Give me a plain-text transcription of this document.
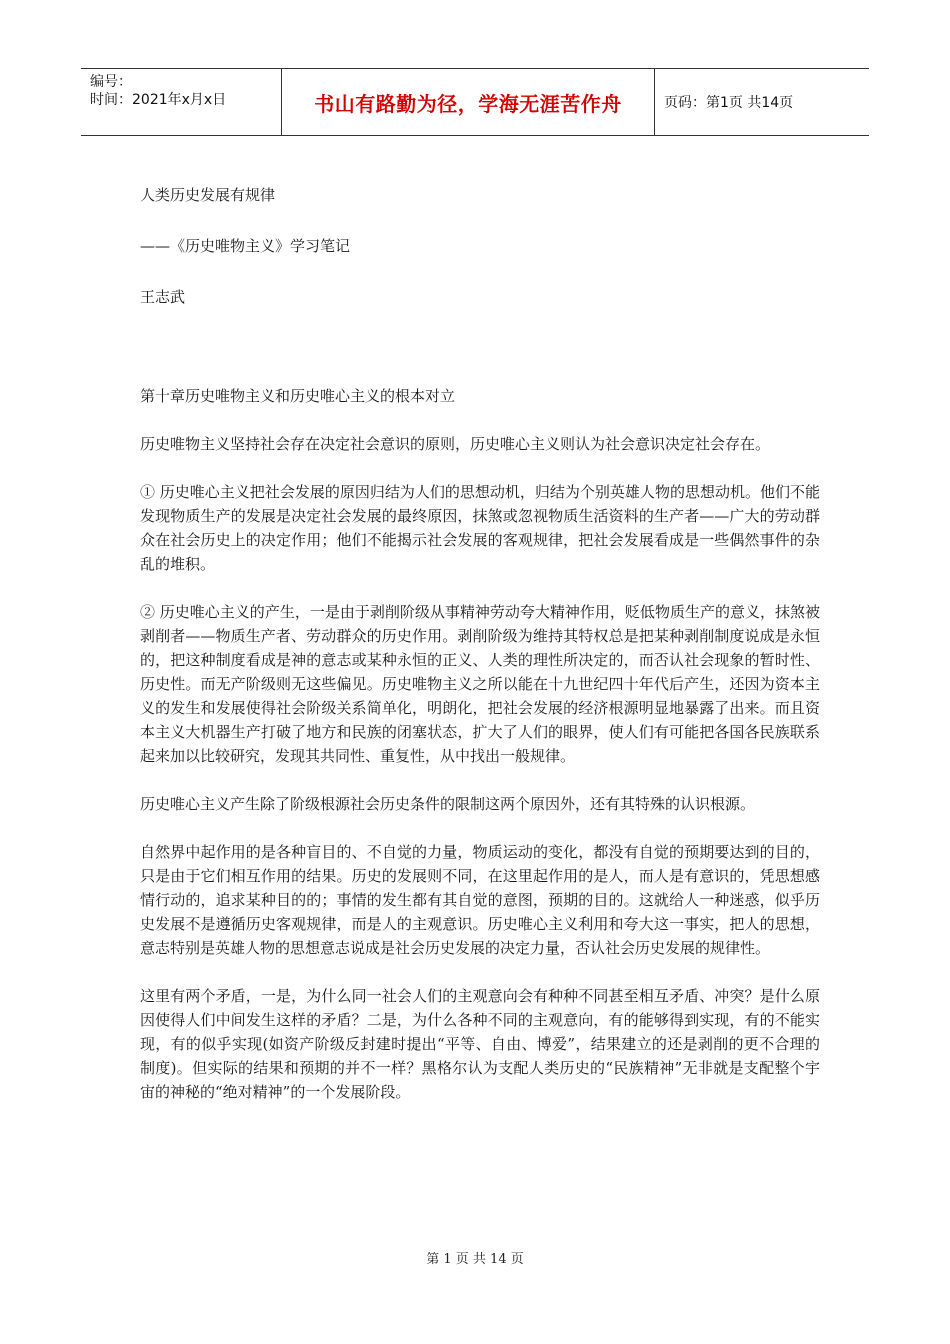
编号：
时间：2021年x月x日	书山有路勤为径，学海无涯苦作舟	页码：第1页 共14页

人类历史发展有规律

——《历史唯物主义》学习笔记

王志武

第十章历史唯物主义和历史唯心主义的根本对立

历史唯物主义坚持社会存在决定社会意识的原则，历史唯心主义则认为社会意识决定社会存在。

① 历史唯心主义把社会发展的原因归结为人们的思想动机，归结为个别英雄人物的思想动机。他们不能发现物质生产的发展是决定社会发展的最终原因，抹煞或忽视物质生活资料的生产者——广大的劳动群众在社会历史上的决定作用；他们不能揭示社会发展的客观规律，把社会发展看成是一些偶然事件的杂乱的堆积。

② 历史唯心主义的产生，一是由于剥削阶级从事精神劳动夸大精神作用，贬低物质生产的意义，抹煞被剥削者——物质生产者、劳动群众的历史作用。剥削阶级为维持其特权总是把某种剥削制度说成是永恒的，把这种制度看成是神的意志或某种永恒的正义、人类的理性所决定的，而否认社会现象的暂时性、历史性。而无产阶级则无这些偏见。历史唯物主义之所以能在十九世纪四十年代后产生，还因为资本主义的发生和发展使得社会阶级关系简单化，明朗化，把社会发展的经济根源明显地暴露了出来。而且资本主义大机器生产打破了地方和民族的闭塞状态，扩大了人们的眼界，使人们有可能把各国各民族联系起来加以比较研究，发现其共同性、重复性，从中找出一般规律。

历史唯心主义产生除了阶级根源社会历史条件的限制这两个原因外，还有其特殊的认识根源。

自然界中起作用的是各种盲目的、不自觉的力量，物质运动的变化，都没有自觉的预期要达到的目的，只是由于它们相互作用的结果。历史的发展则不同，在这里起作用的是人，而人是有意识的，凭思想感情行动的，追求某种目的的；事情的发生都有其自觉的意图，预期的目的。这就给人一种迷惑，似乎历史发展不是遵循历史客观规律，而是人的主观意识。历史唯心主义利用和夸大这一事实，把人的思想，意志特别是英雄人物的思想意志说成是社会历史发展的决定力量，否认社会历史发展的规律性。

这里有两个矛盾，一是，为什么同一社会人们的主观意向会有种种不同甚至相互矛盾、冲突？是什么原因使得人们中间发生这样的矛盾？二是，为什么各种不同的主观意向，有的能够得到实现，有的不能实现，有的似乎实现(如资产阶级反封建时提出“平等、自由、博爱”，结果建立的还是剥削的更不合理的制度)。但实际的结果和预期的并不一样？黑格尔认为支配人类历史的“民族精神”无非就是支配整个宇宙的神秘的“绝对精神”的一个发展阶段。

第 1 页 共 14 页
